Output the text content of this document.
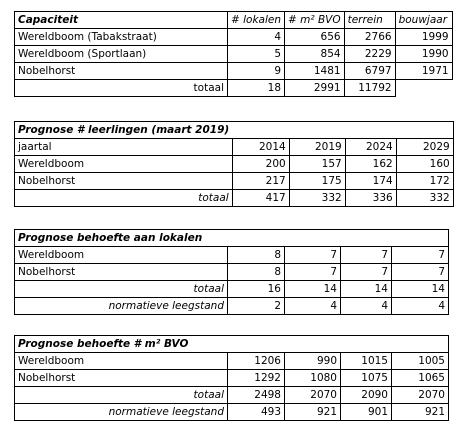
Capaciteit	# lokalen	# m² BVO	terrein	bouwjaar
Wereldboom (Tabakstraat)	4	656	2766	1999
Wereldboom (Sportlaan)	5	854	2229	1990
Nobelhorst	9	1481	6797	1971
totaal	18	2991	11792	
Prognose # leerlingen (maart 2019)				
jaartal	2014	2019	2024	2029
Wereldboom	200	157	162	160
Nobelhorst	217	175	174	172
totaal	417	332	336	332
Prognose behoefte aan lokalen				
Wereldboom	8	7	7	7
Nobelhorst	8	7	7	7
totaal	16	14	14	14
normatieve leegstand	2	4	4	4
Prognose behoefte # m² BVO				
Wereldboom	1206	990	1015	1005
Nobelhorst	1292	1080	1075	1065
totaal	2498	2070	2090	2070
normatieve leegstand	493	921	901	921
